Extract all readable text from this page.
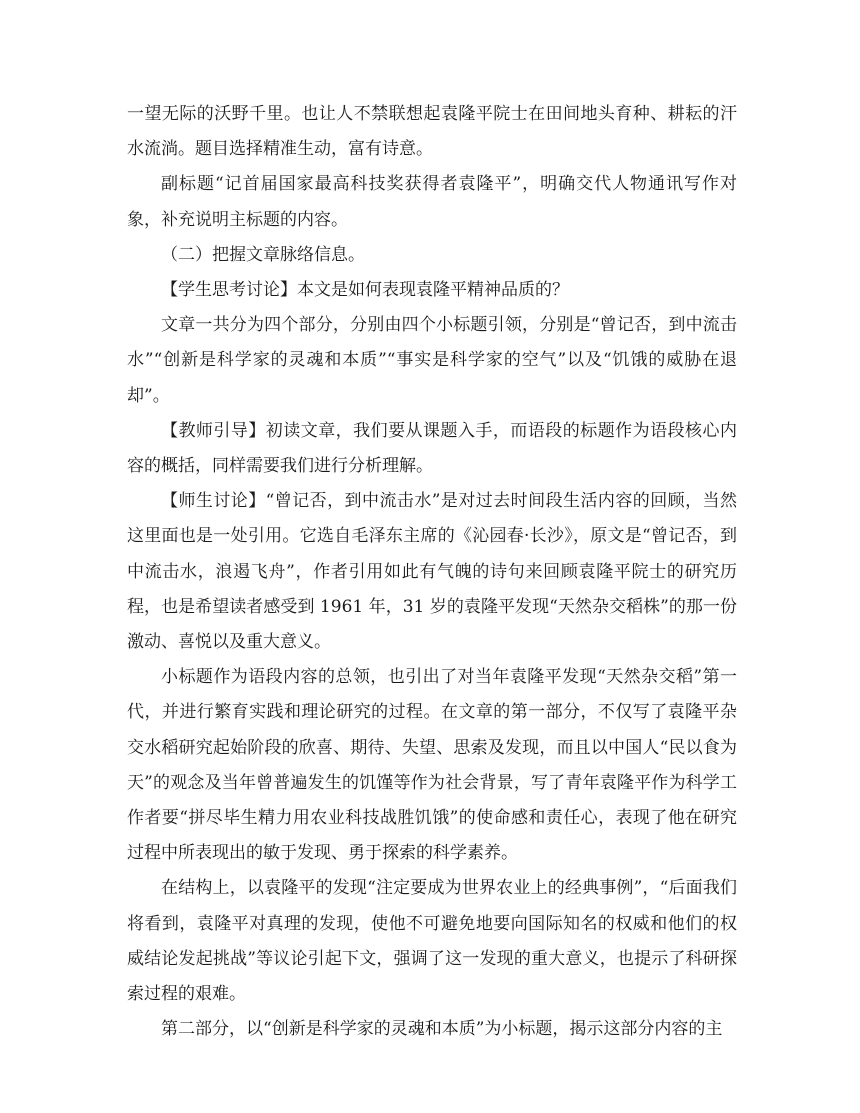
一望无际的沃野千里。也让人不禁联想起袁隆平院士在田间地头育种、耕耘的汗水流淌。题目选择精准生动，富有诗意。

副标题“记首届国家最高科技奖获得者袁隆平”，明确交代人物通讯写作对象，补充说明主标题的内容。

（二）把握文章脉络信息。

【学生思考讨论】本文是如何表现袁隆平精神品质的？

文章一共分为四个部分，分别由四个小标题引领，分别是“曾记否，到中流击水”“创新是科学家的灵魂和本质”“事实是科学家的空气”以及“饥饿的威胁在退却”。

【教师引导】初读文章，我们要从课题入手，而语段的标题作为语段核心内容的概括，同样需要我们进行分析理解。

【师生讨论】“曾记否，到中流击水”是对过去时间段生活内容的回顾，当然这里面也是一处引用。它选自毛泽东主席的《沁园春·长沙》，原文是“曾记否，到中流击水，浪遏飞舟”，作者引用如此有气魄的诗句来回顾袁隆平院士的研究历程，也是希望读者感受到 1961 年，31 岁的袁隆平发现“天然杂交稻株”的那一份激动、喜悦以及重大意义。

小标题作为语段内容的总领，也引出了对当年袁隆平发现“天然杂交稻”第一代，并进行繁育实践和理论研究的过程。在文章的第一部分，不仅写了袁隆平杂交水稻研究起始阶段的欣喜、期待、失望、思索及发现，而且以中国人“民以食为天”的观念及当年曾普遍发生的饥馑等作为社会背景，写了青年袁隆平作为科学工作者要“拼尽毕生精力用农业科技战胜饥饿”的使命感和责任心，表现了他在研究过程中所表现出的敏于发现、勇于探索的科学素养。

在结构上，以袁隆平的发现“注定要成为世界农业上的经典事例”，“后面我们将看到，袁隆平对真理的发现，使他不可避免地要向国际知名的权威和他们的权威结论发起挑战”等议论引起下文，强调了这一发现的重大意义，也提示了科研探索过程的艰难。

第二部分，以“创新是科学家的灵魂和本质”为小标题，揭示这部分内容的主
